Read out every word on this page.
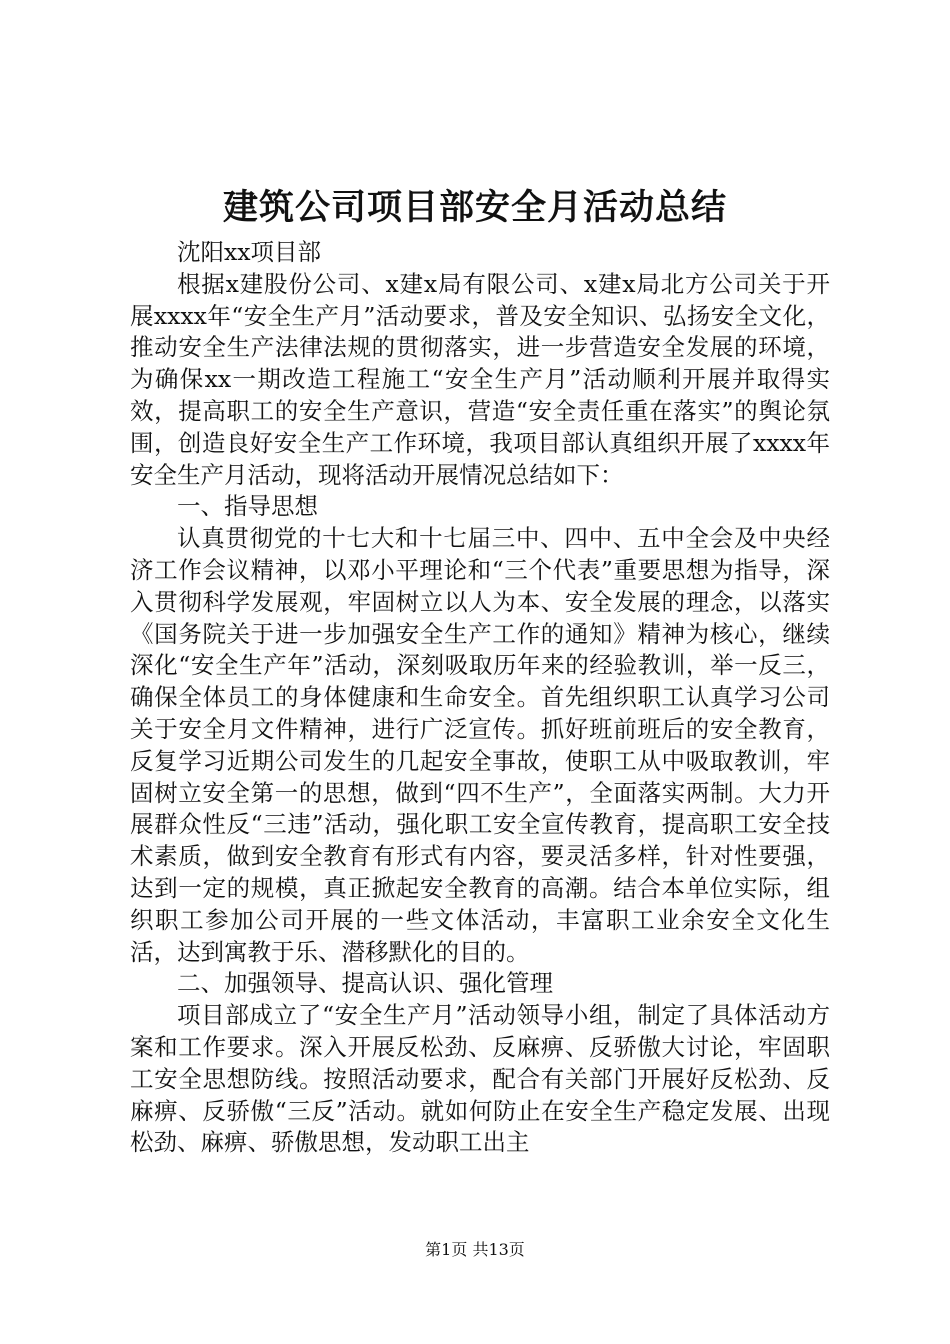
建筑公司项目部安全月活动总结

沈阳xx项目部

根据x建股份公司、x建x局有限公司、x建x局北方公司关于开展xxxx年“安全生产月”活动要求，普及安全知识、弘扬安全文化，推动安全生产法律法规的贯彻落实，进一步营造安全发展的环境，为确保xx一期改造工程施工“安全生产月”活动顺利开展并取得实效，提高职工的安全生产意识，营造“安全责任重在落实”的舆论氛围，创造良好安全生产工作环境，我项目部认真组织开展了xxxx年安全生产月活动，现将活动开展情况总结如下：

一、指导思想

认真贯彻党的十七大和十七届三中、四中、五中全会及中央经济工作会议精神，以邓小平理论和“三个代表”重要思想为指导，深入贯彻科学发展观，牢固树立以人为本、安全发展的理念，以落实《国务院关于进一步加强安全生产工作的通知》精神为核心，继续深化“安全生产年”活动，深刻吸取历年来的经验教训，举一反三，确保全体员工的身体健康和生命安全。首先组织职工认真学习公司关于安全月文件精神，进行广泛宣传。抓好班前班后的安全教育，反复学习近期公司发生的几起安全事故，使职工从中吸取教训，牢固树立安全第一的思想，做到“四不生产”，全面落实两制。大力开展群众性反“三违”活动，强化职工安全宣传教育，提高职工安全技术素质，做到安全教育有形式有内容，要灵活多样，针对性要强，达到一定的规模，真正掀起安全教育的高潮。结合本单位实际，组织职工参加公司开展的一些文体活动，丰富职工业余安全文化生活，达到寓教于乐、潜移默化的目的。

二、加强领导、提高认识、强化管理

项目部成立了“安全生产月”活动领导小组，制定了具体活动方案和工作要求。深入开展反松劲、反麻痹、反骄傲大讨论，牢固职工安全思想防线。按照活动要求，配合有关部门开展好反松劲、反麻痹、反骄傲“三反”活动。就如何防止在安全生产稳定发展、出现松劲、麻痹、骄傲思想，发动职工出主

第1页 共13页
